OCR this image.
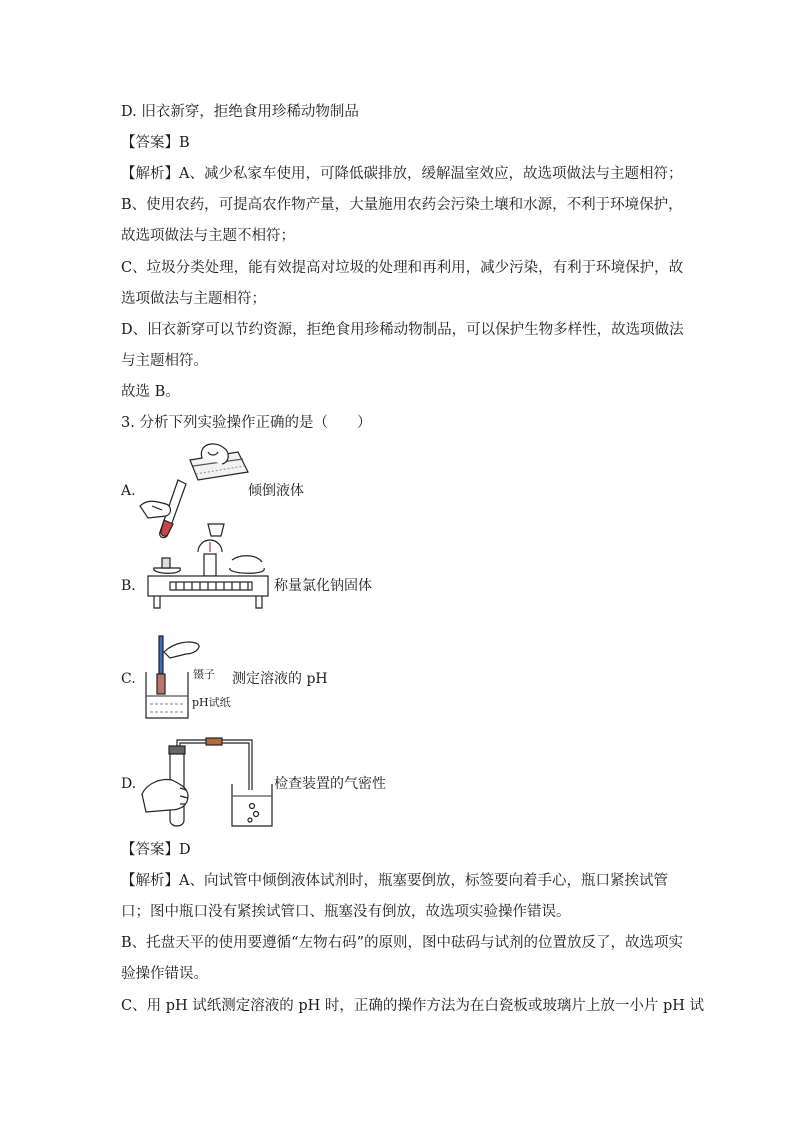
D. 旧衣新穿，拒绝食用珍稀动物制品
【答案】B
【解析】A、减少私家车使用，可降低碳排放，缓解温室效应，故选项做法与主题相符；
B、使用农药，可提高农作物产量，大量施用农药会污染土壤和水源，不利于环境保护，
故选项做法与主题不相符；
C、垃圾分类处理，能有效提高对垃圾的处理和再利用，减少污染，有利于环境保护，故
选项做法与主题相符；
D、旧衣新穿可以节约资源，拒绝食用珍稀动物制品，可以保护生物多样性，故选项做法
与主题相符。
故选 B。
3. 分析下列实验操作正确的是（　　）
A.	倾倒液体
B.	称量氯化钠固体
C.	镊子
pH试纸
测定溶液的 pH
D.	检查装置的气密性
【答案】D
【解析】A、向试管中倾倒液体试剂时，瓶塞要倒放，标签要向着手心，瓶口紧挨试管
口；图中瓶口没有紧挨试管口、瓶塞没有倒放，故选项实验操作错误。
B、托盘天平的使用要遵循“左物右码”的原则，图中砝码与试剂的位置放反了，故选项实
验操作错误。
C、用 pH 试纸测定溶液的 pH 时，正确的操作方法为在白瓷板或玻璃片上放一小片 pH 试
